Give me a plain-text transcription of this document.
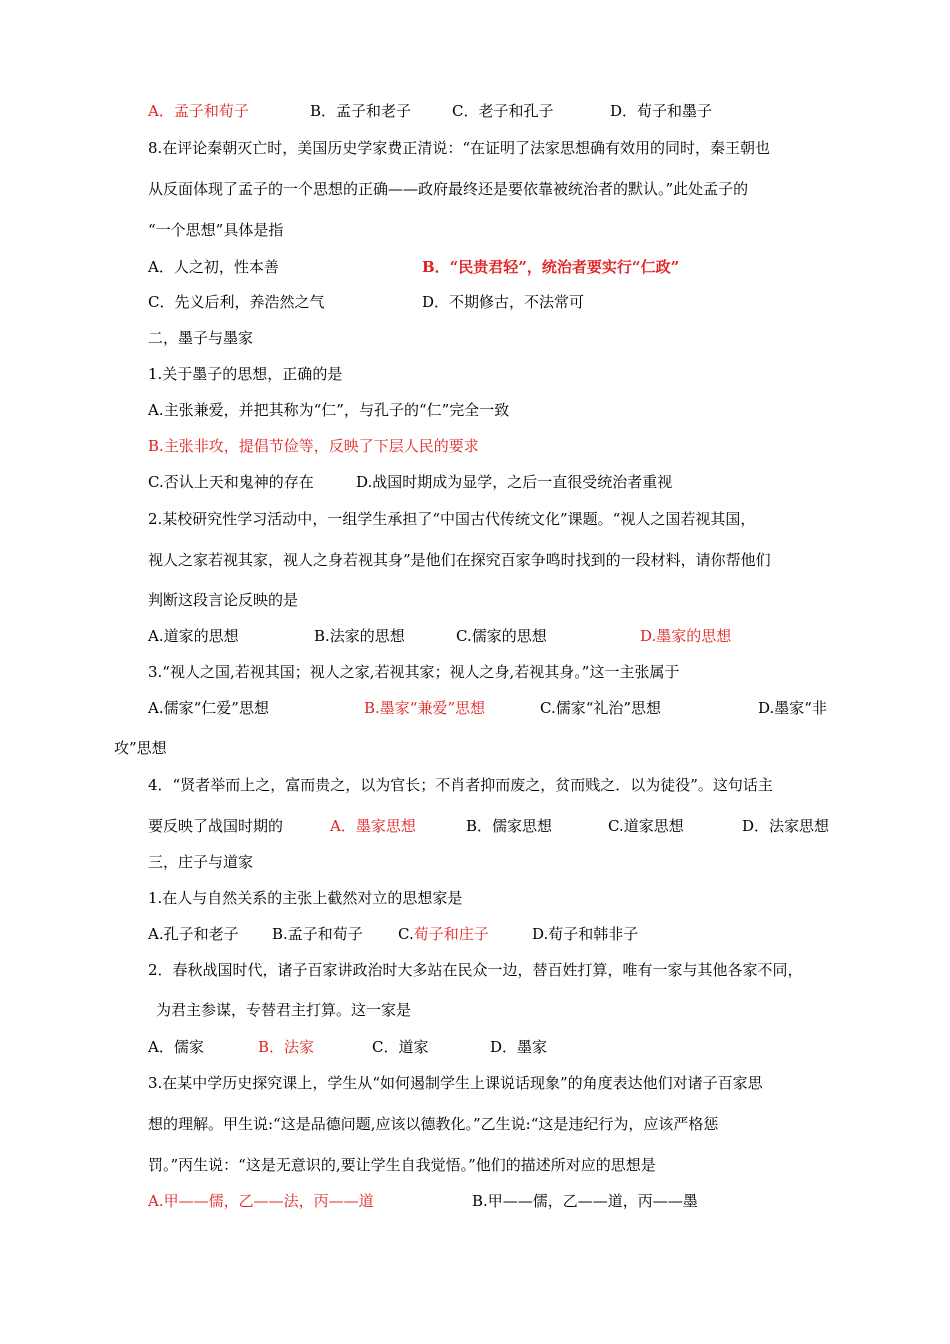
A．孟子和荀子	B．孟子和老子	C．老子和孔子	D．荀子和墨子
8.在评论秦朝灭亡时，美国历史学家费正清说：“在证明了法家思想确有效用的同时，秦王朝也
从反面体现了孟子的一个思想的正确——政府最终还是要依靠被统治者的默认。”此处孟子的
“一个思想”具体是指
A．人之初，性本善	B．“民贵君轻”，统治者要实行“仁政”
C．先义后利，养浩然之气	D．不期修古，不法常可
二，墨子与墨家
1.关于墨子的思想，正确的是
A.主张兼爱，并把其称为“仁”，与孔子的“仁”完全一致
B.主张非攻，提倡节俭等，反映了下层人民的要求
C.否认上天和鬼神的存在	D.战国时期成为显学，之后一直很受统治者重视
2.某校研究性学习活动中，一组学生承担了“中国古代传统文化”课题。“视人之国若视其国，
视人之家若视其家，视人之身若视其身”是他们在探究百家争鸣时找到的一段材料，请你帮他们
判断这段言论反映的是
A.道家的思想	B.法家的思想	C.儒家的思想	D.墨家的思想
3.“视人之国,若视其国；视人之家,若视其家；视人之身,若视其身。”这一主张属于
A.儒家“仁爱”思想	B.墨家“兼爱”思想	C.儒家“礼治”思想	D.墨家“非
攻”思想
4．“贤者举而上之，富而贵之，以为官长；不肖者抑而废之，贫而贱之．以为徒役”。这句话主
要反映了战国时期的	A．墨家思想	B．儒家思想	C.道家思想	D．法家思想
三，庄子与道家
1.在人与自然关系的主张上截然对立的思想家是
A.孔子和老子 B.孟子和荀子 C.荀子和庄子	D.荀子和韩非子
2．春秋战国时代，诸子百家讲政治时大多站在民众一边，替百姓打算，唯有一家与其他各家不同，
为君主参谋，专替君主打算。这一家是
A．儒家	B．法家	C．道家	D．墨家
3.在某中学历史探究课上，学生从“如何遏制学生上课说话现象”的角度表达他们对诸子百家思
想的理解。甲生说:“这是品德问题,应该以德教化。”乙生说:“这是违纪行为，应该严格惩
罚。”丙生说：“这是无意识的,要让学生自我觉悟。”他们的描述所对应的思想是
A.甲——儒，乙——法，丙——道	B.甲——儒，乙——道，丙——墨
